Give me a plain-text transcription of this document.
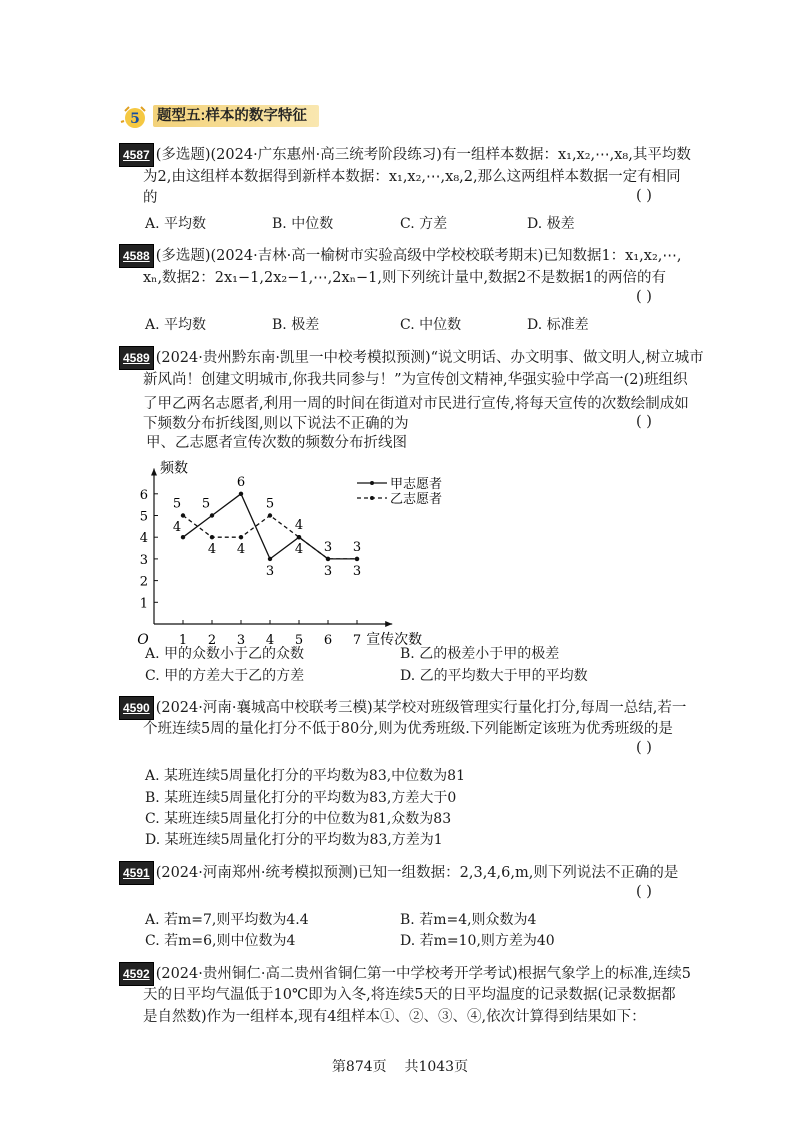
5 题型五:样本的数字特征
4587 (多选题)(2024·广东惠州·高三统考阶段练习)有一组样本数据：x₁,x₂,⋯,x₈,其平均数
为2,由这组样本数据得到新样本数据：x₁,x₂,⋯,x₈,2,那么这两组样本数据一定有相同
的	( )
A. 平均数	B. 中位数	C. 方差	D. 极差
4588 (多选题)(2024·吉林·高一榆树市实验高级中学校校联考期末)已知数据1：x₁,x₂,⋯,
xₙ,数据2：2x₁−1,2x₂−1,⋯,2xₙ−1,则下列统计量中,数据2不是数据1的两倍的有
( )
A. 平均数	B. 极差	C. 中位数	D. 标准差
4589 (2024·贵州黔东南·凯里一中校考模拟预测)“说文明话、办文明事、做文明人,树立城市
新风尚！创建文明城市,你我共同参与！”为宣传创文精神,华强实验中学高一(2)班组织
了甲乙两名志愿者,利用一周的时间在街道对市民进行宣传,将每天宣传的次数绘制成如
下频数分布折线图,则以下说法不正确的为	( )
甲、乙志愿者宣传次数的频数分布折线图
O
频数
宣传次数
1
2
3
4
5
6
1 2 3 4 5 6 7
4
5
6
3
4
3 3
5
4 4
5
4
3 3
甲志愿者
乙志愿者
A. 甲的众数小于乙的众数	B. 乙的极差小于甲的极差
C. 甲的方差大于乙的方差	D. 乙的平均数大于甲的平均数
4590 (2024·河南·襄城高中校联考三模)某学校对班级管理实行量化打分,每周一总结,若一
个班连续5周的量化打分不低于80分,则为优秀班级.下列能断定该班为优秀班级的是
( )
A. 某班连续5周量化打分的平均数为83,中位数为81
B. 某班连续5周量化打分的平均数为83,方差大于0
C. 某班连续5周量化打分的中位数为81,众数为83
D. 某班连续5周量化打分的平均数为83,方差为1
4591 (2024·河南郑州·统考模拟预测)已知一组数据：2,3,4,6,m,则下列说法不正确的是
( )
A. 若m=7,则平均数为4.4	B. 若m=4,则众数为4
C. 若m=6,则中位数为4	D. 若m=10,则方差为40
4592 (2024·贵州铜仁·高二贵州省铜仁第一中学校考开学考试)根据气象学上的标准,连续5
天的日平均气温低于10℃即为入冬,将连续5天的日平均温度的记录数据(记录数据都
是自然数)作为一组样本,现有4组样本①、②、③、④,依次计算得到结果如下：
第874页 共1043页
